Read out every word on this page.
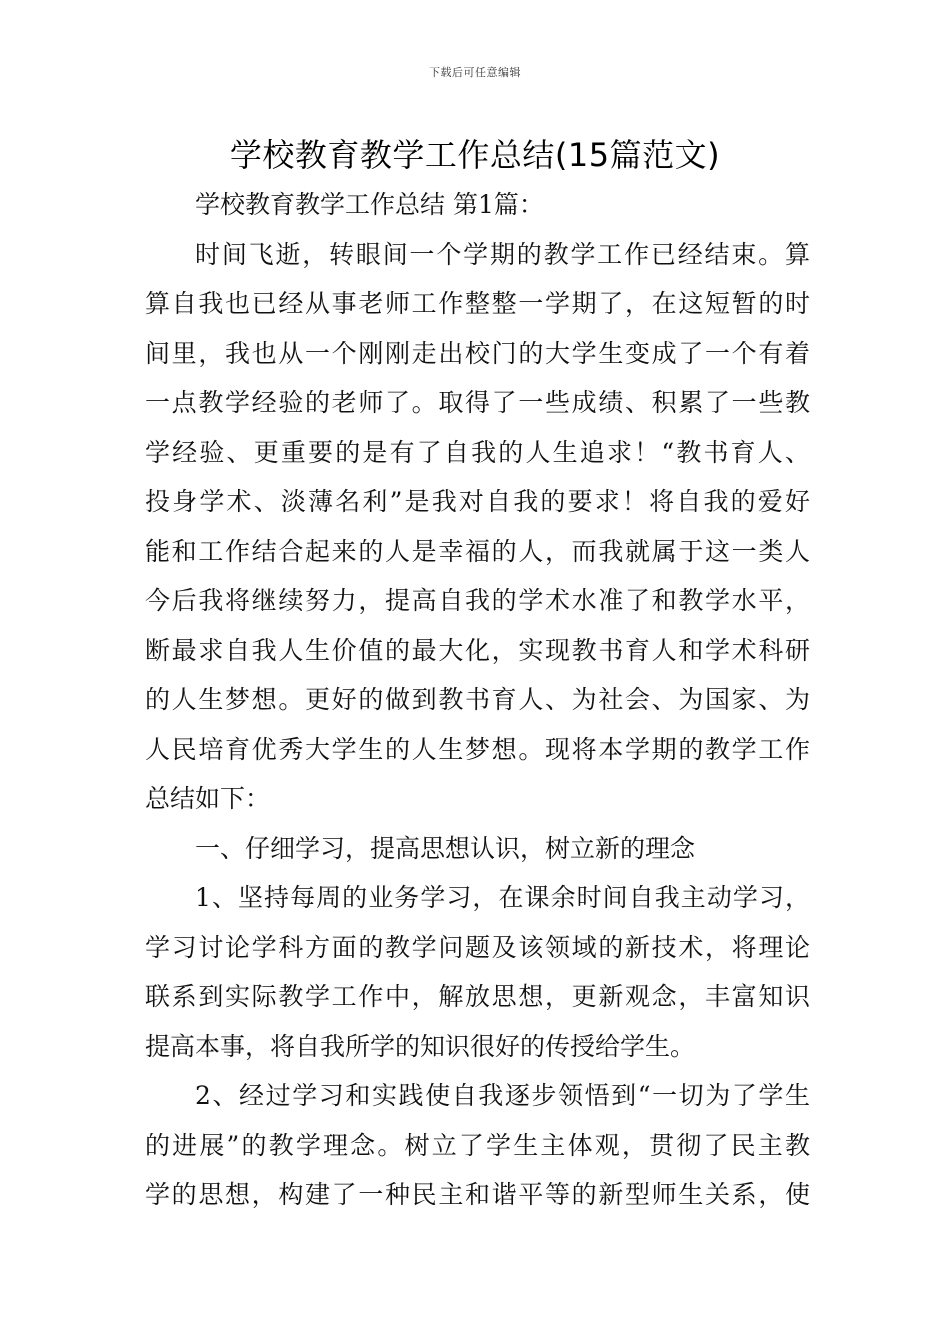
下载后可任意编辑
学校教育教学工作总结(15篇范文)

学校教育教学工作总结 第1篇：

时间飞逝，转眼间一个学期的教学工作已经结束。算

算自我也已经从事老师工作整整一学期了，在这短暂的时

间里，我也从一个刚刚走出校门的大学生变成了一个有着

一点教学经验的老师了。取得了一些成绩、积累了一些教

学经验、更重要的是有了自我的人生追求！“教书育人、

投身学术、淡薄名利”是我对自我的要求！将自我的爱好

能和工作结合起来的人是幸福的人，而我就属于这一类人

今后我将继续努力，提高自我的学术水准了和教学水平，

断最求自我人生价值的最大化，实现教书育人和学术科研

的人生梦想。更好的做到教书育人、为社会、为国家、为

人民培育优秀大学生的人生梦想。现将本学期的教学工作

总结如下：

一、仔细学习，提高思想认识，树立新的理念

1、坚持每周的业务学习，在课余时间自我主动学习，

学习讨论学科方面的教学问题及该领域的新技术，将理论

联系到实际教学工作中，解放思想，更新观念，丰富知识

提高本事，将自我所学的知识很好的传授给学生。

2、经过学习和实践使自我逐步领悟到“一切为了学生

的进展”的教学理念。树立了学生主体观，贯彻了民主教

学的思想，构建了一种民主和谐平等的新型师生关系，使
